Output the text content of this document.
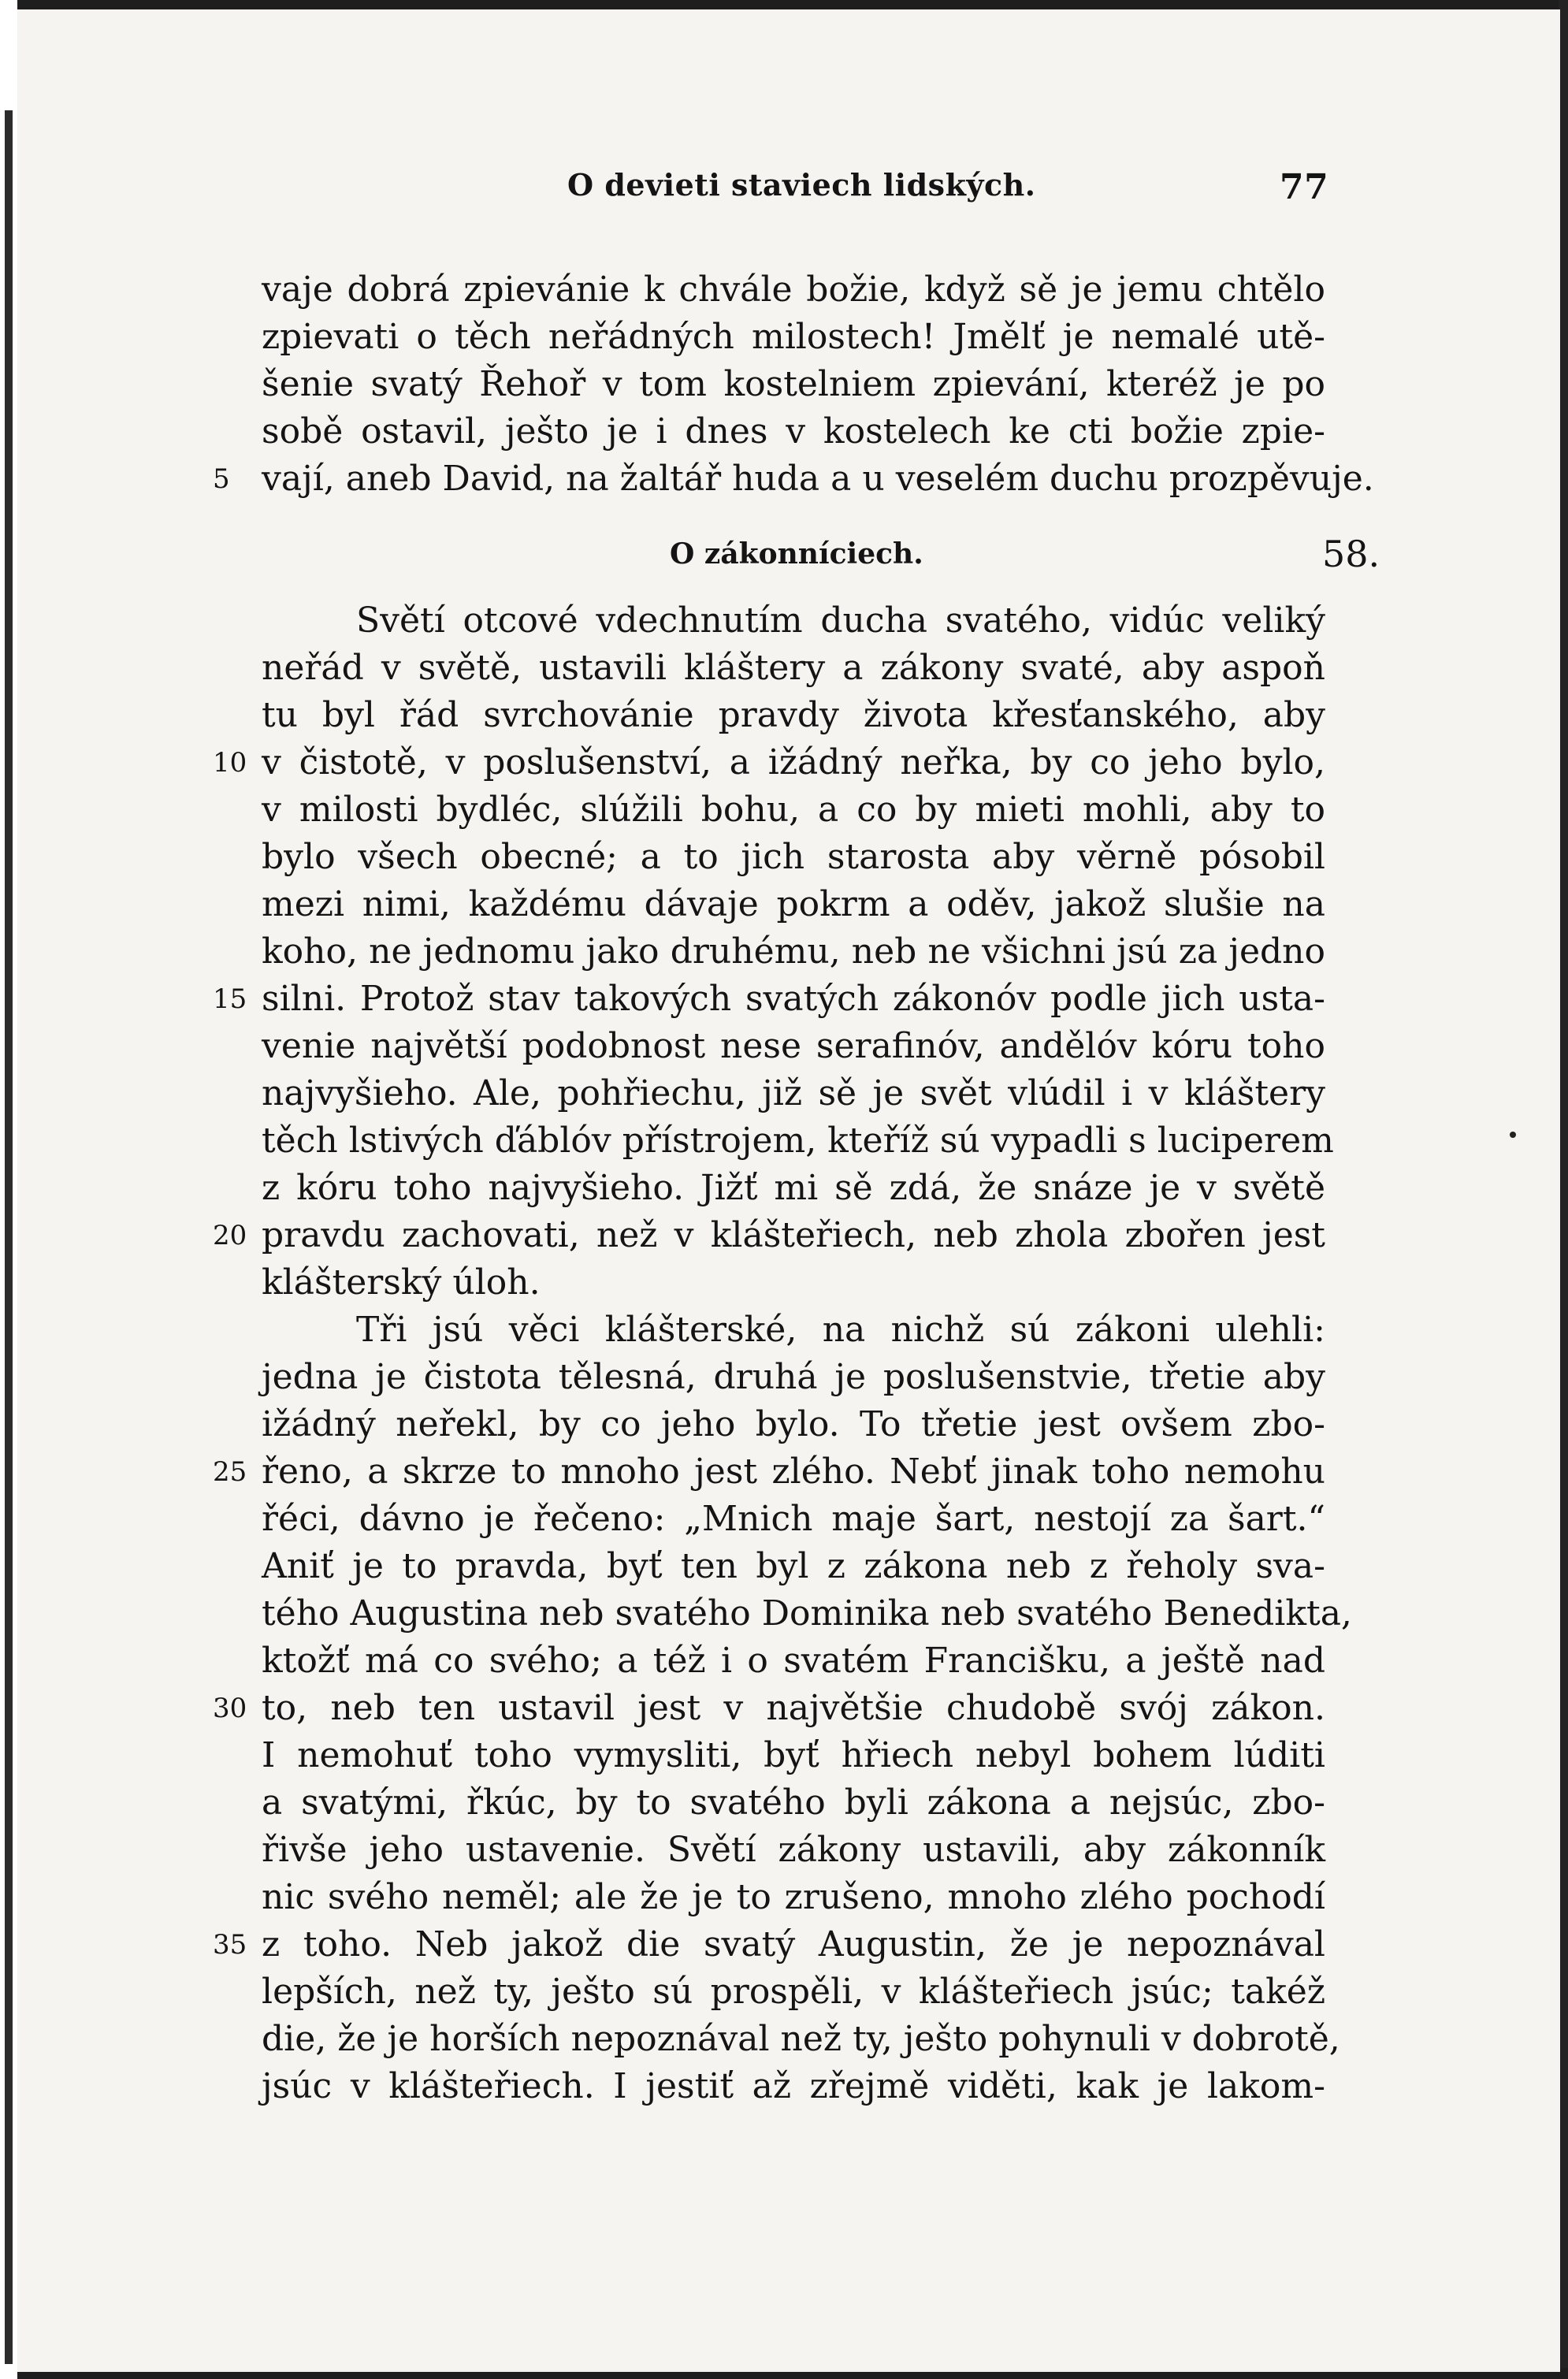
O devieti staviech lidských.	77
vaje dobrá zpievánie k chvále božie, když sě je jemu chtělo
zpievati o těch neřádných milostech! Jmělť je nemalé utě-
šenie svatý Řehoř v tom kostelniem zpievání, kteréž je po
sobě ostavil, ješto je i dnes v kostelech ke cti božie zpie-
vají, aneb David, na žaltář huda a u veselém duchu prozpěvuje.
5
O zákonníciech.	58.
Světí otcové vdechnutím ducha svatého, vidúc veliký
neřád v světě, ustavili kláštery a zákony svaté, aby aspoň
tu byl řád svrchovánie pravdy života křesťanského, aby
v čistotě, v poslušenství, a ižádný neřka, by co jeho bylo,
10
v milosti bydléc, slúžili bohu, a co by mieti mohli, aby to
bylo všech obecné; a to jich starosta aby věrně pósobil
mezi nimi, každému dávaje pokrm a oděv, jakož slušie na
koho, ne jednomu jako druhému, neb ne všichni jsú za jedno
silni. Protož stav takových svatých zákonóv podle jich usta-
15
venie najvětší podobnost nese serafinóv, andělóv kóru toho
najvyšieho. Ale, pohřiechu, již sě je svět vlúdil i v kláštery
těch lstivých ďáblóv přístrojem, kteříž sú vypadli s luciperem
z kóru toho najvyšieho. Jižť mi sě zdá, že snáze je v světě
pravdu zachovati, než v klášteřiech, neb zhola zbořen jest
20
klášterský úloh.
Tři jsú věci klášterské, na nichž sú zákoni ulehli:
jedna je čistota tělesná, druhá je poslušenstvie, třetie aby
ižádný neřekl, by co jeho bylo. To třetie jest ovšem zbo-
řeno, a skrze to mnoho jest zlého. Nebť jinak toho nemohu
25
řéci, dávno je řečeno: „Mnich maje šart, nestojí za šart.“
Aniť je to pravda, byť ten byl z zákona neb z řeholy sva-
tého Augustina neb svatého Dominika neb svatého Benedikta,
ktožť má co svého; a též i o svatém Francišku, a ještě nad
to, neb ten ustavil jest v najvětšie chudobě svój zákon.
30
I nemohuť toho vymysliti, byť hřiech nebyl bohem lúditi
a svatými, řkúc, by to svatého byli zákona a nejsúc, zbo-
řivše jeho ustavenie. Světí zákony ustavili, aby zákonník
nic svého neměl; ale že je to zrušeno, mnoho zlého pochodí
z toho. Neb jakož die svatý Augustin, že je nepoznával
35
lepších, než ty, ješto sú prospěli, v klášteřiech jsúc; takéž
die, že je horších nepoznával než ty, ješto pohynuli v dobrotě,
jsúc v klášteřiech. I jestiť až zřejmě viděti, kak je lakom-
